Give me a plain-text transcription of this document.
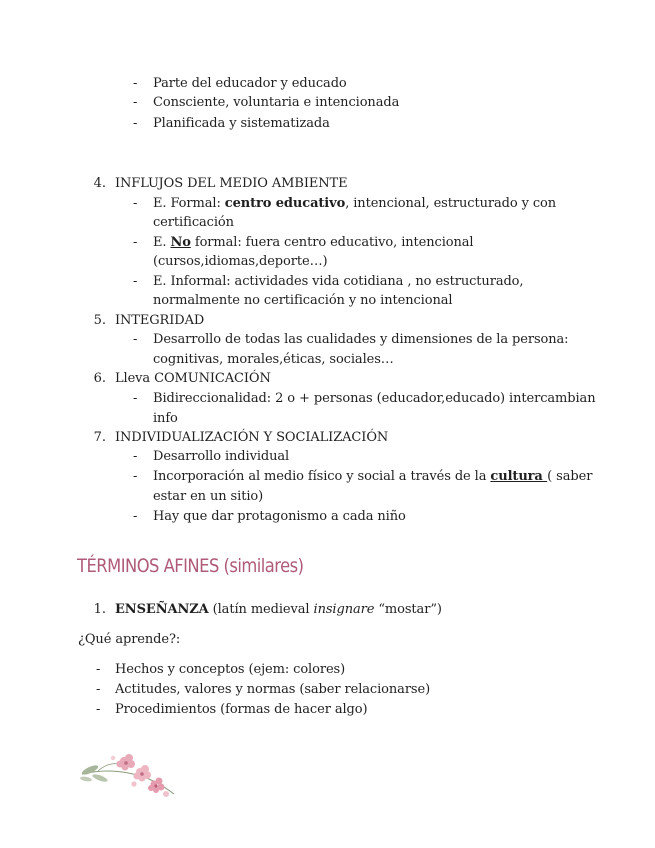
- Parte del educador y educado
- Consciente, voluntaria e intencionada
- Planificada y sistematizada
4. INFLUJOS DEL MEDIO AMBIENTE
- E. Formal: centro educativo, intencional, estructurado y con
certificación
- E. No formal: fuera centro educativo, intencional
(cursos,idiomas,deporte…)
- E. Informal: actividades vida cotidiana , no estructurado,
normalmente no certificación y no intencional
5. INTEGRIDAD
- Desarrollo de todas las cualidades y dimensiones de la persona:
cognitivas, morales,éticas, sociales…
6. Lleva COMUNICACIÓN
- Bidireccionalidad: 2 o + personas (educador,educado) intercambian
info
7. INDIVIDUALIZACIÓN Y SOCIALIZACIÓN
- Desarrollo individual
- Incorporación al medio físico y social a través de la cultura ( saber
estar en un sitio)
- Hay que dar protagonismo a cada niño
TÉRMINOS AFINES (similares)
1. ENSEÑANZA (latín medieval insignare “mostar”)
¿Qué aprende?:
- Hechos y conceptos (ejem: colores)
- Actitudes, valores y normas (saber relacionarse)
- Procedimientos (formas de hacer algo)
